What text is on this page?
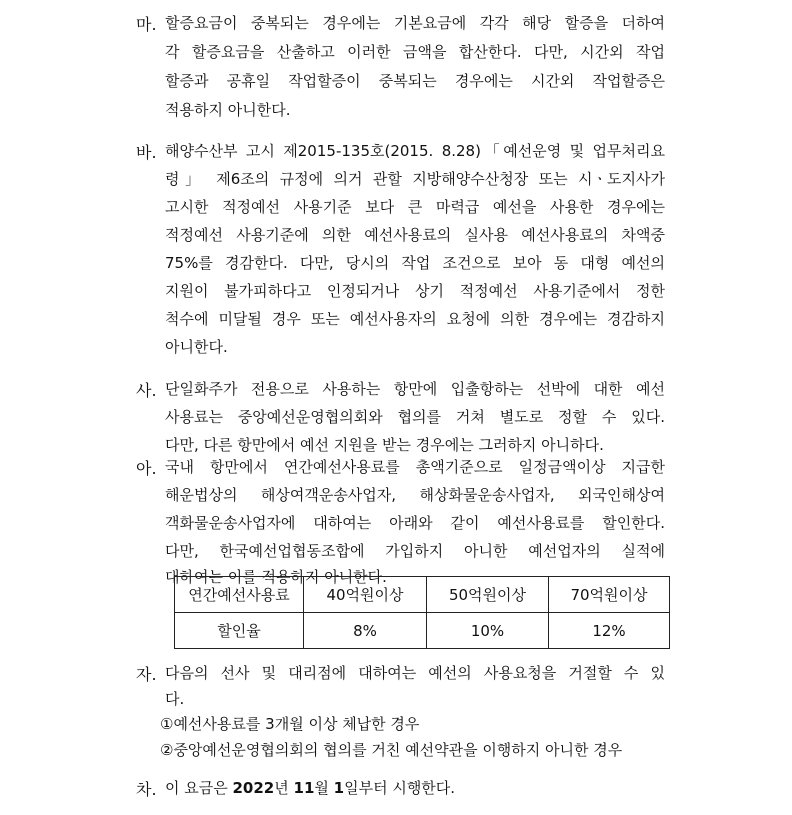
마. 할증요금이 중복되는 경우에는 기본요금에 각각 해당 할증을 더하여
각 할증요금을 산출하고 이러한 금액을 합산한다. 다만, 시간외 작업
할증과 공휴일 작업할증이 중복되는 경우에는 시간외 작업할증은
적용하지 아니한다.
바. 해양수산부 고시 제2015-135호(2015. 8.28)「예선운영 및 업무처리요
령」 제6조의 규정에 의거 관할 지방해양수산청장 또는 시ㆍ도지사가
고시한 적정예선 사용기준 보다 큰 마력급 예선을 사용한 경우에는
적정예선 사용기준에 의한 예선사용료의 실사용 예선사용료의 차액중
75%를 경감한다. 다만, 당시의 작업 조건으로 보아 동 대형 예선의
지원이 불가피하다고 인정되거나 상기 적정예선 사용기준에서 정한
척수에 미달될 경우 또는 예선사용자의 요청에 의한 경우에는 경감하지
아니한다.
사. 단일화주가 전용으로 사용하는 항만에 입출항하는 선박에 대한 예선
사용료는 중앙예선운영협의회와 협의를 거쳐 별도로 정할 수 있다.
다만, 다른 항만에서 예선 지원을 받는 경우에는 그러하지 아니하다.
아. 국내 항만에서 연간예선사용료를 총액기준으로 일정금액이상 지급한
해운법상의 해상여객운송사업자, 해상화물운송사업자, 외국인해상여
객화물운송사업자에 대하여는 아래와 같이 예선사용료를 할인한다.
다만, 한국예선업협동조합에 가입하지 아니한 예선업자의 실적에
대하여는 이를 적용하지 아니한다.
연간예선사용료	40억원이상	50억원이상	70억원이상
할인율	8%	10%	12%
자. 다음의 선사 및 대리점에 대하여는 예선의 사용요청을 거절할 수 있
다.
①예선사용료를 3개월 이상 체납한 경우
②중앙예선운영협의회의 협의를 거친 예선약관을 이행하지 아니한 경우
차. 이 요금은 2022년 11월 1일부터 시행한다.
